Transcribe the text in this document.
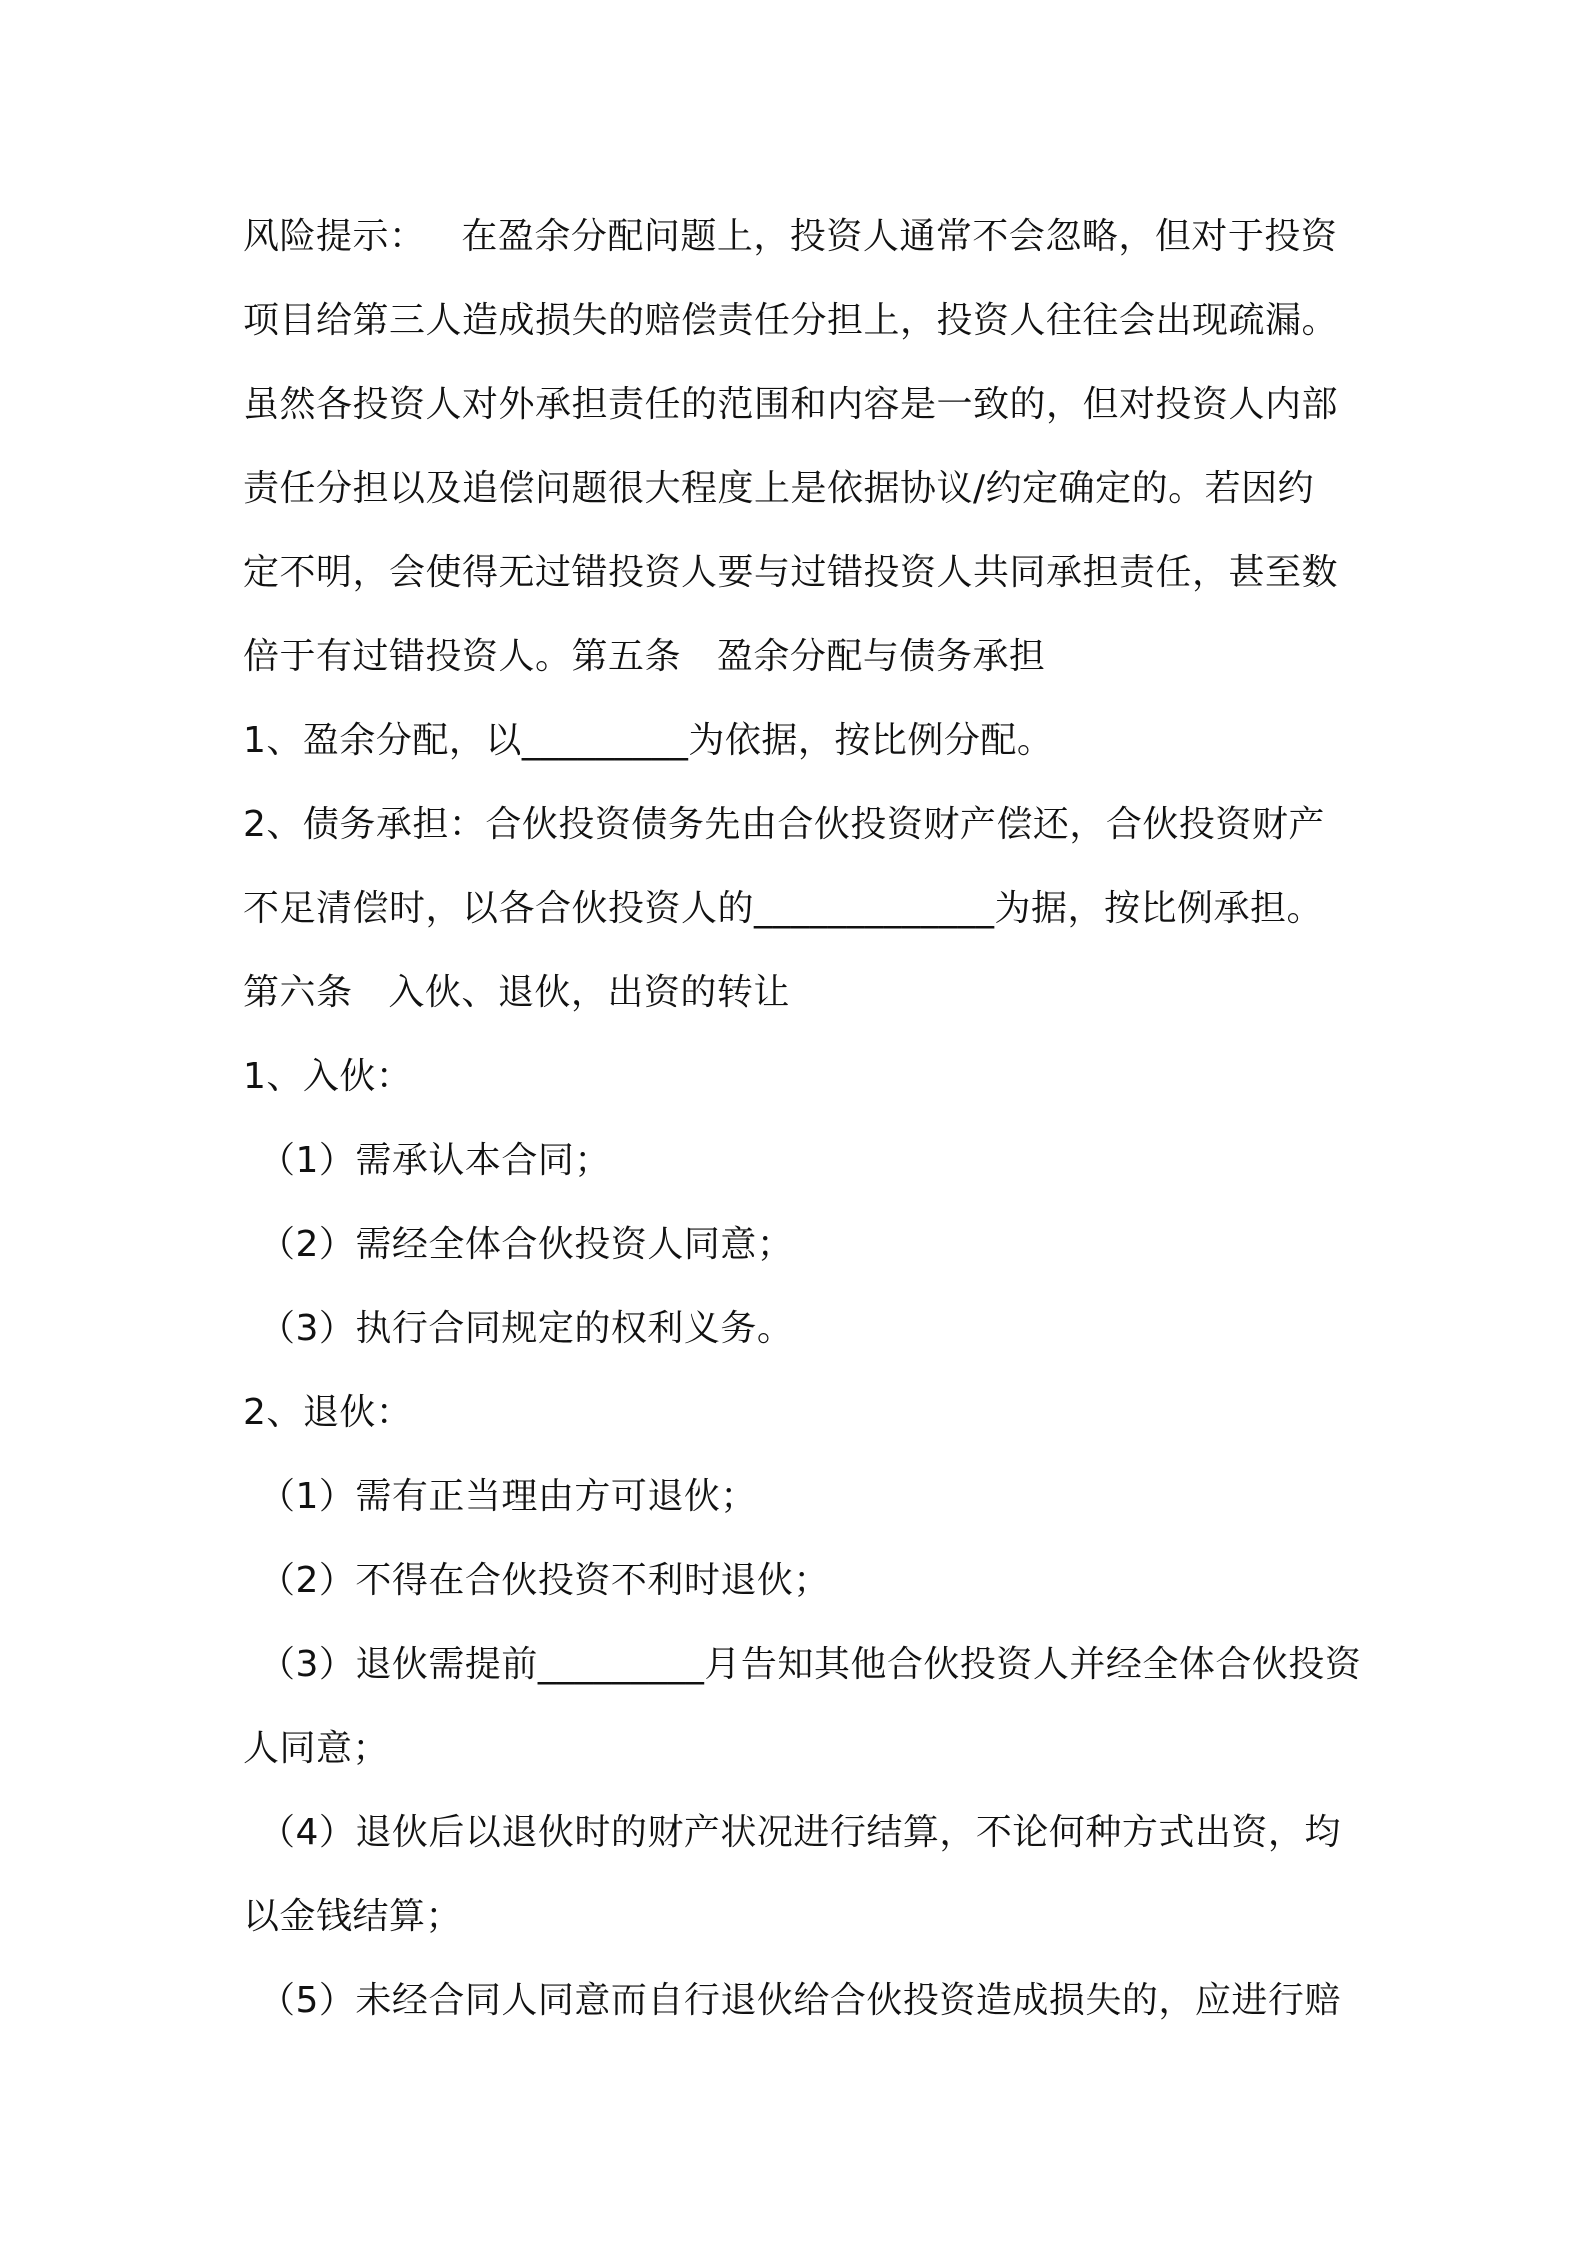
风险提示：   在盈余分配问题上，投资人通常不会忽略，但对于投资
项目给第三人造成损失的赔偿责任分担上，投资人往往会出现疏漏。
虽然各投资人对外承担责任的范围和内容是一致的，但对投资人内部
责任分担以及追偿问题很大程度上是依据协议/约定确定的。若因约
定不明，会使得无过错投资人要与过错投资人共同承担责任，甚至数
倍于有过错投资人。第五条   盈余分配与债务承担
1、盈余分配，以_________为依据，按比例分配。
2、债务承担：合伙投资债务先由合伙投资财产偿还，合伙投资财产
不足清偿时，以各合伙投资人的_____________为据，按比例承担。
第六条   入伙、退伙，出资的转让
1、入伙：
（1）需承认本合同；
（2）需经全体合伙投资人同意；
（3）执行合同规定的权利义务。
2、退伙：
（1）需有正当理由方可退伙；
（2）不得在合伙投资不利时退伙；
（3）退伙需提前_________月告知其他合伙投资人并经全体合伙投资
人同意；
（4）退伙后以退伙时的财产状况进行结算，不论何种方式出资，均
以金钱结算；
（5）未经合同人同意而自行退伙给合伙投资造成损失的，应进行赔
